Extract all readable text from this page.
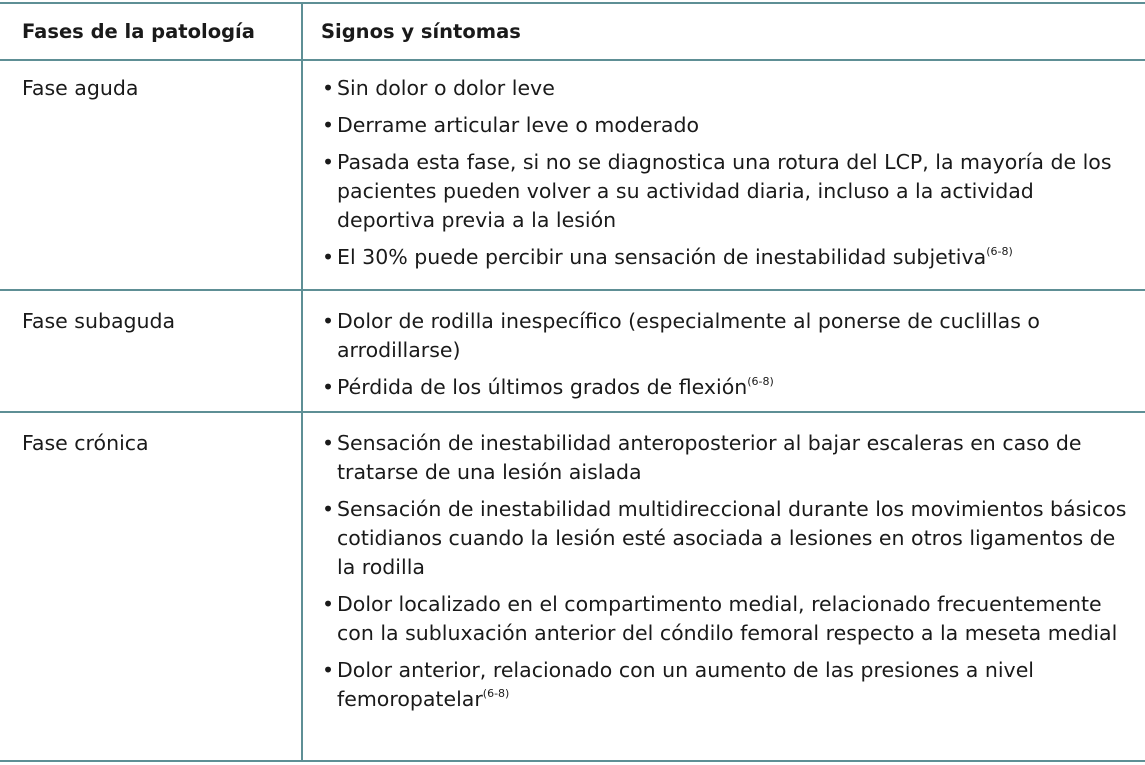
Fases de la patología	Signos y síntomas
Fase aguda	• Sin dolor o dolor leve
• Derrame articular leve o moderado
• Pasada esta fase, si no se diagnostica una rotura del LCP, la mayoría de los pacientes pueden volver a su actividad diaria, incluso a la actividad deportiva previa a la lesión
• El 30% puede percibir una sensación de inestabilidad subjetiva$^{(6-8)}$
Fase subaguda	• Dolor de rodilla inespecífico (especialmente al ponerse de cuclillas o arrodillarse)
• Pérdida de los últimos grados de flexión$^{(6-8)}$
Fase crónica	• Sensación de inestabilidad anteroposterior al bajar escaleras en caso de tratarse de una lesión aislada
• Sensación de inestabilidad multidireccional durante los movimientos básicos cotidianos cuando la lesión esté asociada a lesiones en otros ligamentos de la rodilla
• Dolor localizado en el compartimento medial, relacionado frecuentemente con la subluxación anterior del cóndilo femoral respecto a la meseta medial
• Dolor anterior, relacionado con un aumento de las presiones a nivel femoropatelar$^{(6-8)}$
